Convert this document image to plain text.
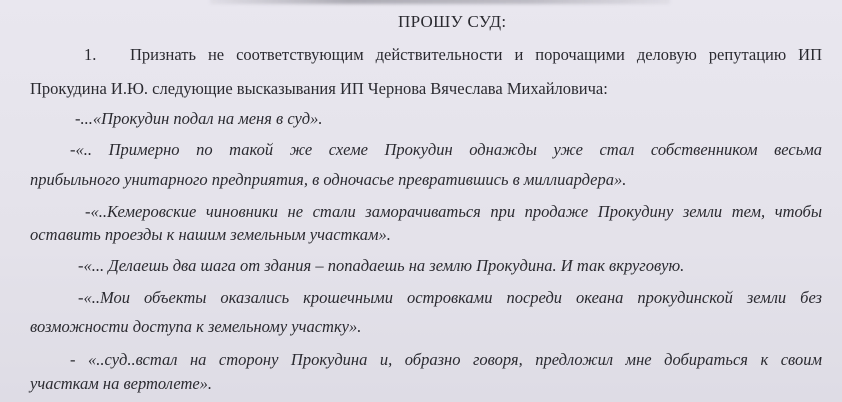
ПРОШУ СУД:
1. Признать не соответствующим действительности и порочащими деловую репутацию ИП
Прокудина И.Ю. следующие высказывания ИП Чернова Вячеслава Михайловича:
-...«Прокудин подал на меня в суд».
-«.. Примерно по такой же схеме Прокудин однажды уже стал собственником весьма
прибыльного унитарного предприятия, в одночасье превратившись в миллиардера».
-«..Кемеровские чиновники не стали заморачиваться при продаже Прокудину земли тем, чтобы
оставить проезды к нашим земельным участкам».
-«... Делаешь два шага от здания – попадаешь на землю Прокудина. И так вкруговую.
-«..Мои объекты оказались крошечными островками посреди океана прокудинской земли без
возможности доступа к земельному участку».
- «..суд..встал на сторону Прокудина и, образно говоря, предложил мне добираться к своим
участкам на вертолете».
